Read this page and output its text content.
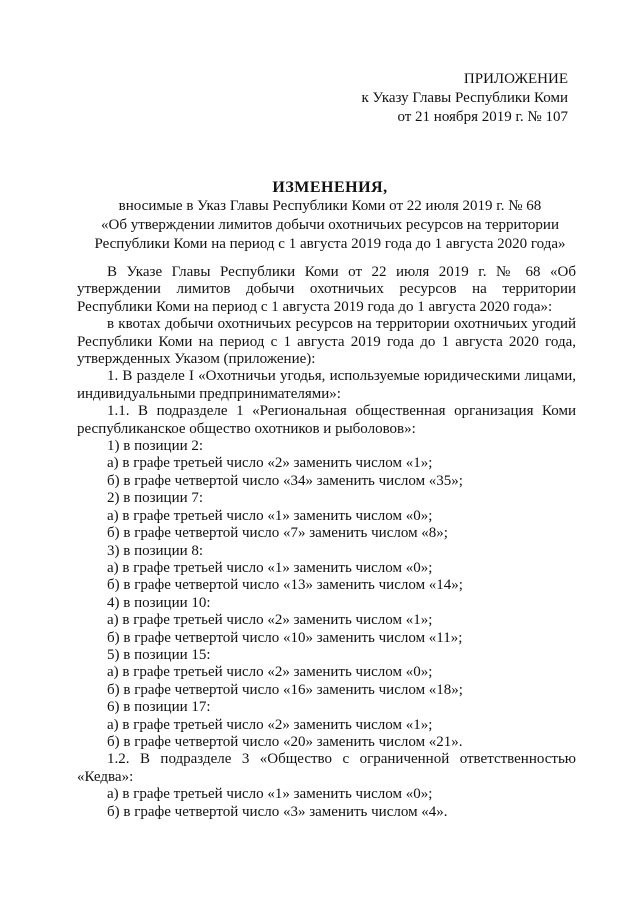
ПРИЛОЖЕНИЕ
к Указу Главы Республики Коми
от 21 ноября 2019 г. № 107
ИЗМЕНЕНИЯ,
вносимые в Указ Главы Республики Коми от 22 июля 2019 г. № 68
«Об утверждении лимитов добычи охотничьих ресурсов на территории
Республики Коми на период с 1 августа 2019 года до 1 августа 2020 года»

В Указе Главы Республики Коми от 22 июля 2019 г. № 68 «Об утверждении лимитов добычи охотничьих ресурсов на территории Республики Коми на период с 1 августа 2019 года до 1 августа 2020 года»:

в квотах добычи охотничьих ресурсов на территории охотничьих угодий Республики Коми на период с 1 августа 2019 года до 1 августа 2020 года, утвержденных Указом (приложение):

1. В разделе I «Охотничьи угодья, используемые юридическими лицами, индивидуальными предпринимателями»:

1.1. В подразделе 1 «Региональная общественная организация Коми республиканское общество охотников и рыболовов»:

1) в позиции 2:

а) в графе третьей число «2» заменить числом «1»;

б) в графе четвертой число «34» заменить числом «35»;

2) в позиции 7:

а) в графе третьей число «1» заменить числом «0»;

б) в графе четвертой число «7» заменить числом «8»;

3) в позиции 8:

а) в графе третьей число «1» заменить числом «0»;

б) в графе четвертой число «13» заменить числом «14»;

4) в позиции 10:

а) в графе третьей число «2» заменить числом «1»;

б) в графе четвертой число «10» заменить числом «11»;

5) в позиции 15:

а) в графе третьей число «2» заменить числом «0»;

б) в графе четвертой число «16» заменить числом «18»;

6) в позиции 17:

а) в графе третьей число «2» заменить числом «1»;

б) в графе четвертой число «20» заменить числом «21».

1.2. В подразделе 3 «Общество с ограниченной ответственностью «Кедва»:

а) в графе третьей число «1» заменить числом «0»;

б) в графе четвертой число «3» заменить числом «4».
